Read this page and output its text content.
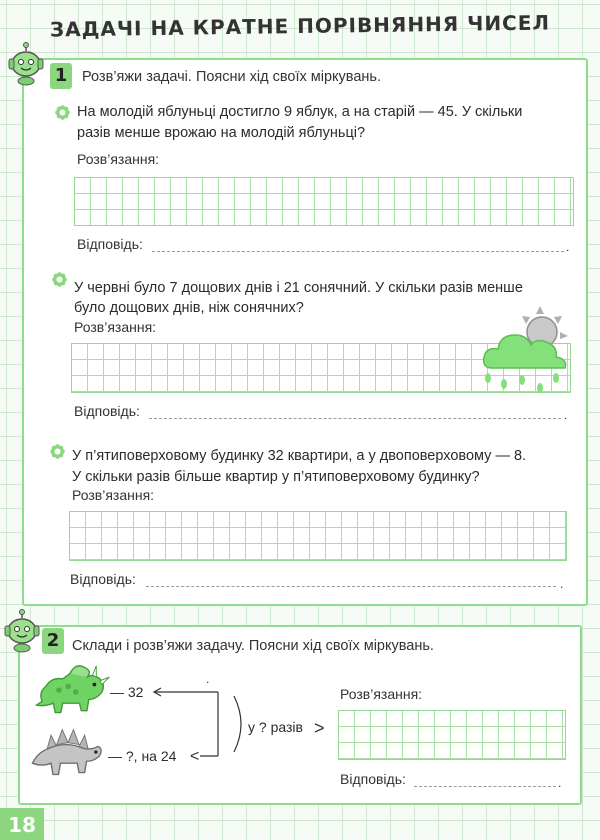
ЗАДАЧІ НА КРАТНЕ ПОРІВНЯННЯ ЧИСЕЛ
1	Розв’яжи задачі. Поясни хід своїх міркувань.
На молодій яблуньці достигло 9 яблук, а на старій — 45. У скільки
разів менше врожаю на молодій яблуньці?
Розв’язання:
Відповідь:	.
У червні було 7 дощових днів і 21 сонячний. У скільки разів менше
було дощових днів, ніж сонячних?
Розв’язання:
Відповідь:	.
У п’ятиповерховому будинку 32 квартири, а у двоповерховому — 8.
У скільки разів більше квартир у п’ятиповерховому будинку?
Розв’язання:
Відповідь:	.
2 Склади і розв’яжи задачу. Поясни хід своїх міркувань.
— 32
.
— ?, на 24 <
>
у ? разів
Розв’язання:
Відповідь:	.
18
